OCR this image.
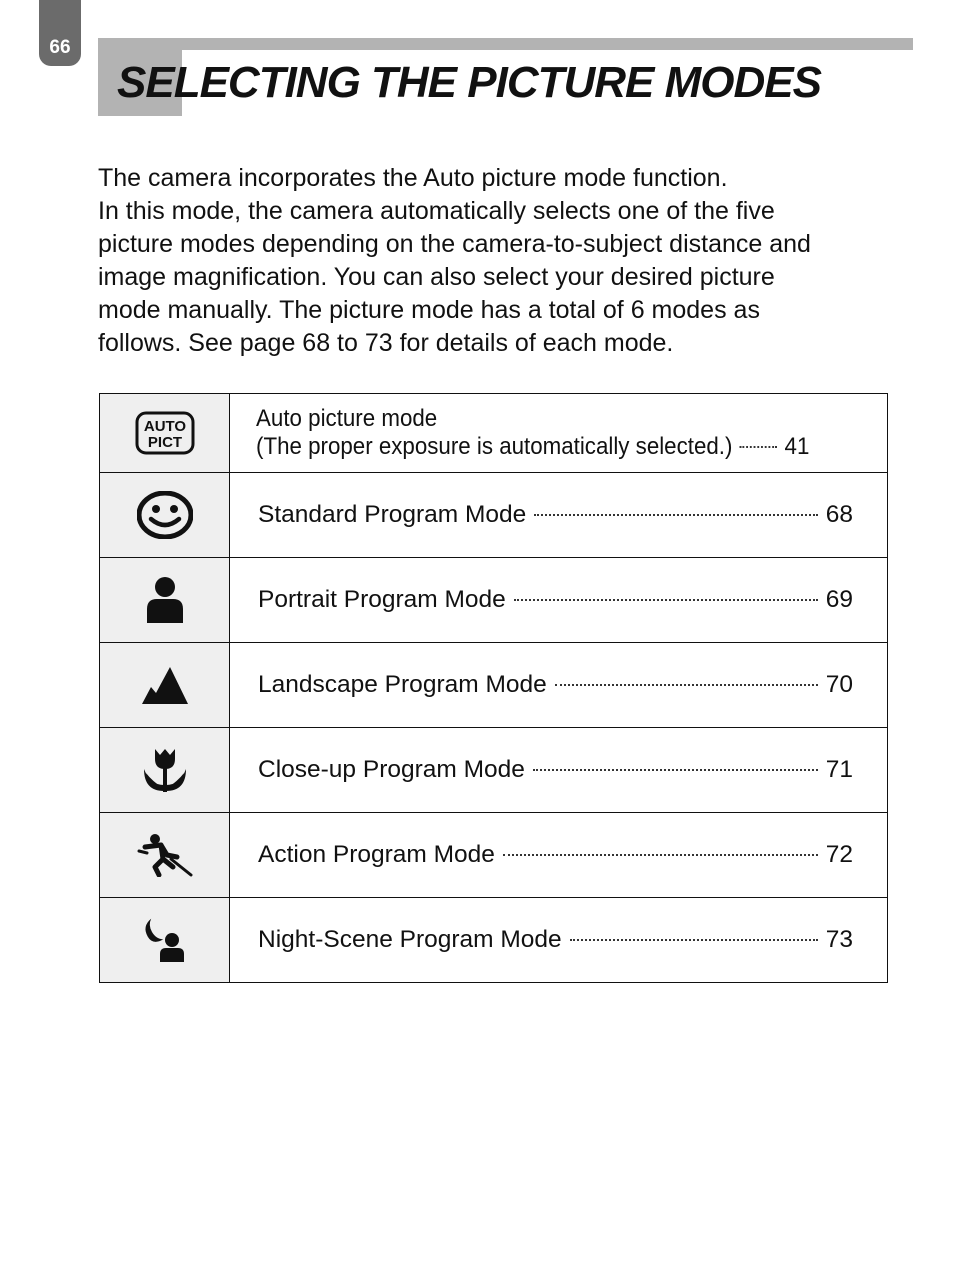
66
SELECTING THE PICTURE MODES

The camera incorporates the Auto picture mode function.

In this mode, the camera automatically selects one of the five

picture modes depending on the camera-to-subject distance and

image magnification. You can also select your desired picture

mode manually. The picture mode has a total of 6 modes as

follows. See page 68 to 73 for details of each mode.

AUTO
PICT
Auto picture mode
(The proper exposure is automatically selected.) 41
Standard Program Mode	68
Portrait Program Mode	69
Landscape Program Mode	70
Close-up Program Mode	71
Action Program Mode	72
Night-Scene Program Mode	73
